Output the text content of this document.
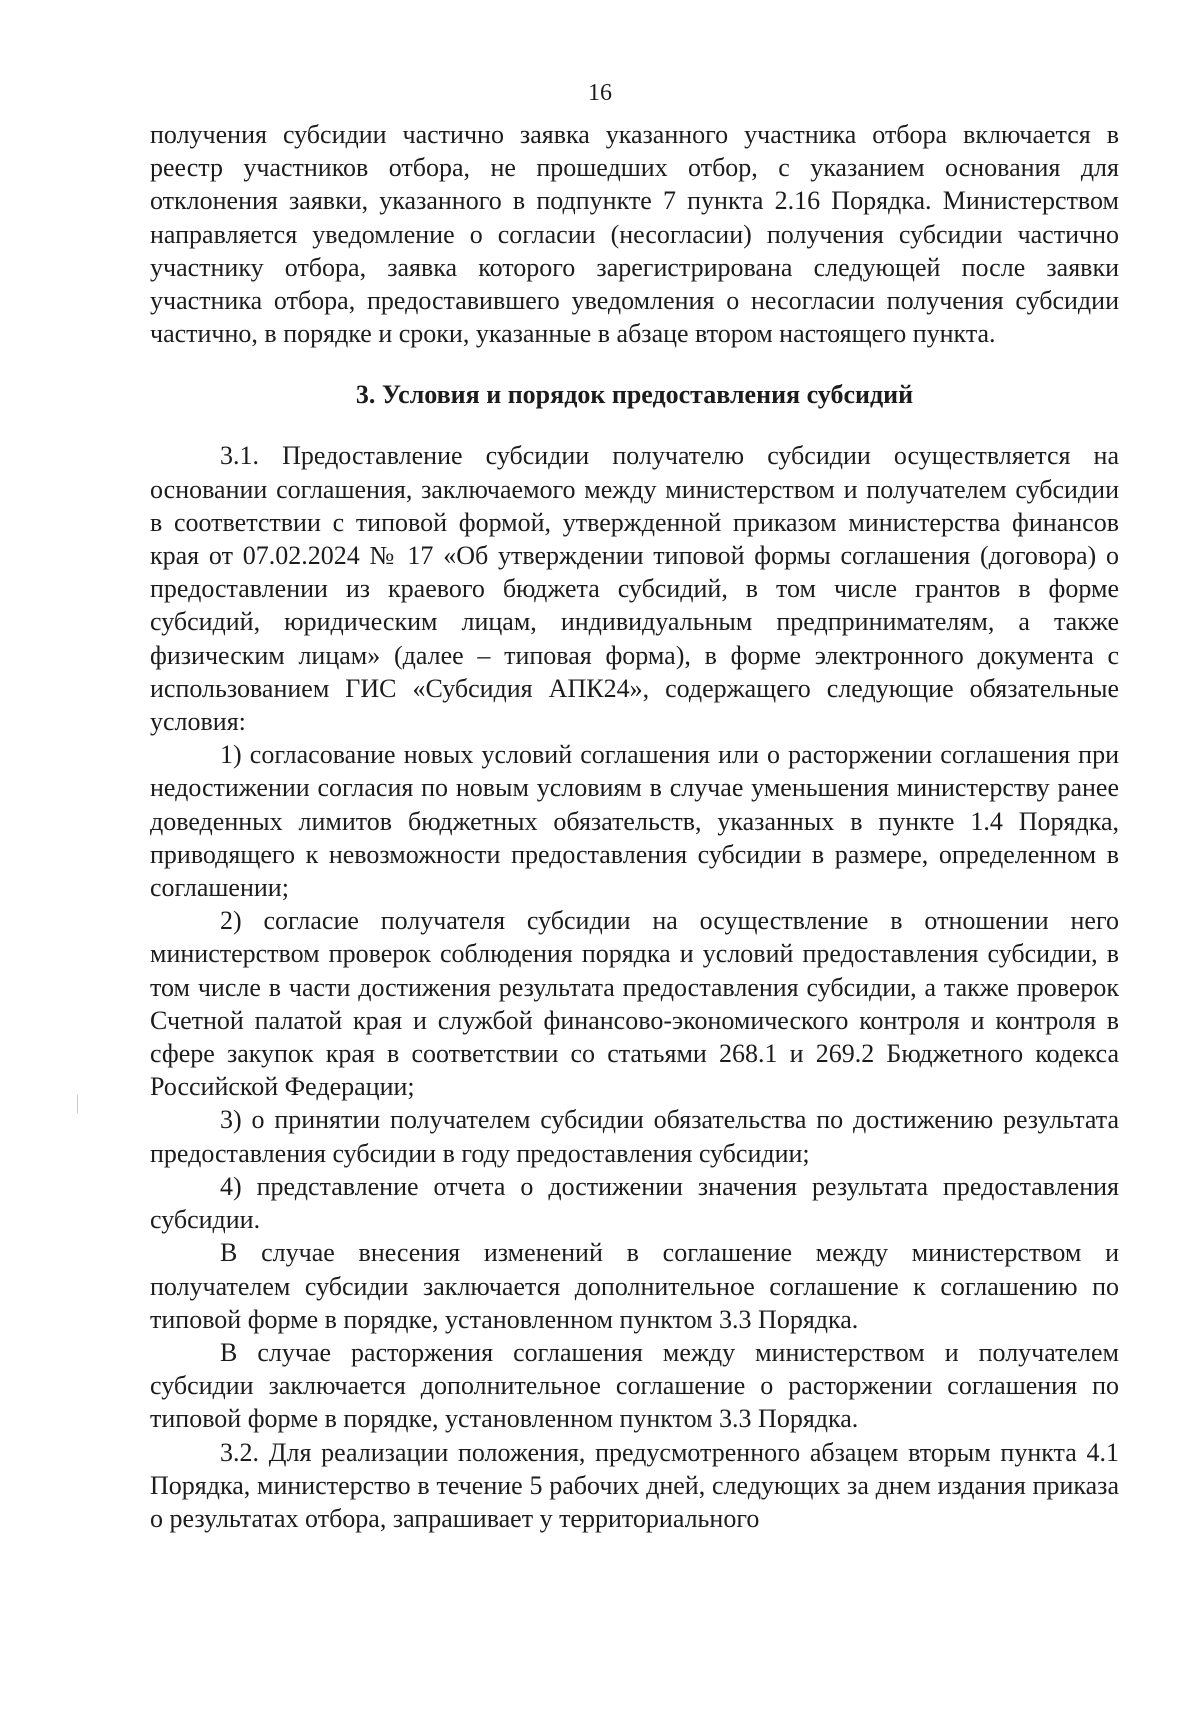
16

получения субсидии частично заявка указанного участника отбора включается в реестр участников отбора, не прошедших отбор, с указанием основания для отклонения заявки, указанного в подпункте 7 пункта 2.16 Порядка. Министерством направляется уведомление о согласии (несогласии) получения субсидии частично участнику отбора, заявка которого зарегистрирована следующей после заявки участника отбора, предоставившего уведомления о несогласии получения субсидии частично, в порядке и сроки, указанные в абзаце втором настоящего пункта.

3. Условия и порядок предоставления субсидий

3.1. Предоставление субсидии получателю субсидии осуществляется на основании соглашения, заключаемого между министерством и получателем субсидии в соответствии с типовой формой, утвержденной приказом министерства финансов края от 07.02.2024 № 17 «Об утверждении типовой формы соглашения (договора) о предоставлении из краевого бюджета субсидий, в том числе грантов в форме субсидий, юридическим лицам, индивидуальным предпринимателям, а также физическим лицам» (далее – типовая форма), в форме электронного документа с использованием ГИС «Субсидия АПК24», содержащего следующие обязательные условия:

1) согласование новых условий соглашения или о расторжении соглашения при недостижении согласия по новым условиям в случае уменьшения министерству ранее доведенных лимитов бюджетных обязательств, указанных в пункте 1.4 Порядка, приводящего к невозможности предоставления субсидии в размере, определенном в соглашении;

2) согласие получателя субсидии на осуществление в отношении него министерством проверок соблюдения порядка и условий предоставления субсидии, в том числе в части достижения результата предоставления субсидии, а также проверок Счетной палатой края и службой финансово-экономического контроля и контроля в сфере закупок края в соответствии со статьями 268.1 и 269.2 Бюджетного кодекса Российской Федерации;

3) о принятии получателем субсидии обязательства по достижению результата предоставления субсидии в году предоставления субсидии;

4) представление отчета о достижении значения результата предоставления субсидии.

В случае внесения изменений в соглашение между министерством и получателем субсидии заключается дополнительное соглашение к соглашению по типовой форме в порядке, установленном пунктом 3.3 Порядка.

В случае расторжения соглашения между министерством и получателем субсидии заключается дополнительное соглашение о расторжении соглашения по типовой форме в порядке, установленном пунктом 3.3 Порядка.

3.2. Для реализации положения, предусмотренного абзацем вторым пункта 4.1 Порядка, министерство в течение 5 рабочих дней, следующих за днем издания приказа о результатах отбора, запрашивает у территориального
